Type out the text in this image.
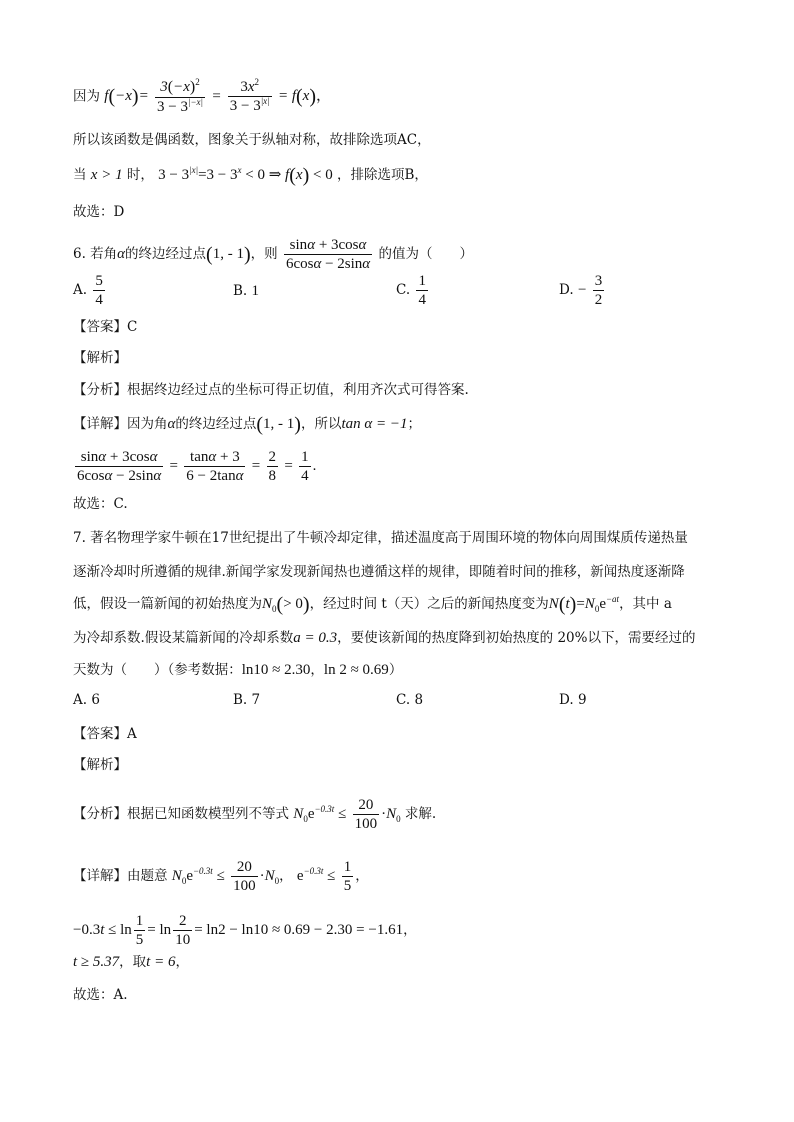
因为 $f(-x)= \frac{3(-x)^2}{3 - 3^{|-x|}} = \frac{3x^2}{3 - 3^{|x|}} = f(x)$，
所以该函数是偶函数，图象关于纵轴对称，故排除选项AC，
当 x > 1 时， $3 - 3^{|x|}=3 - 3^x < 0$ ⇒ f(x) < 0 ，排除选项B，
故选：D
6. 若角α的终边经过点(1, - 1)，则 $\frac{\sin\alpha + 3\cos\alpha}{6\cos\alpha - 2\sin\alpha}$ 的值为（　　）
A. $\frac{5}{4}$	B. 1	C. $\frac{1}{4}$	D. − $\frac{3}{2}$
【答案】C
【解析】
【分析】根据终边经过点的坐标可得正切值，利用齐次式可得答案.
【详解】因为角α的终边经过点(1, - 1)，所以tan α = −1；
$\frac{\sin\alpha + 3\cos\alpha}{6\cos\alpha - 2\sin\alpha} = \frac{\tan\alpha + 3}{6 - 2\tan\alpha} = \frac{2}{8} = \frac{1}{4}$ .
故选：C.
7. 著名物理学家牛顿在17世纪提出了牛顿冷却定律，描述温度高于周围环境的物体向周围煤质传递热量
逐渐冷却时所遵循的规律.新闻学家发现新闻热也遵循这样的规律，即随着时间的推移，新闻热度逐渐降
低，假设一篇新闻的初始热度为$N_0(> 0)$，经过时间 t（天）之后的新闻热度变为$N(t)=N_0e^{-at}$，其中 a
为冷却系数.假设某篇新闻的冷却系数a = 0.3，要使该新闻的热度降到初始热度的 20%以下，需要经过的
天数为（　　）（参考数据：ln10 ≈ 2.30，ln 2 ≈ 0.69）
A. 6	B. 7	C. 8	D. 9
【答案】A
【解析】
【分析】根据已知函数模型列不等式 $N_0e^{-0.3t} \le \frac{20}{100} \cdot N_0$ 求解.
【详解】由题意 $N_0e^{-0.3t} \le \frac{20}{100} \cdot N_0$， $e^{-0.3t} \le \frac{1}{5}$ ，
$-0.3t \le \ln \frac{1}{5} = \ln \frac{2}{10} = \ln 2 - \ln 10 \approx 0.69 - 2.30 = -1.61$，
t ≥ 5.37，取t = 6，
故选：A.
